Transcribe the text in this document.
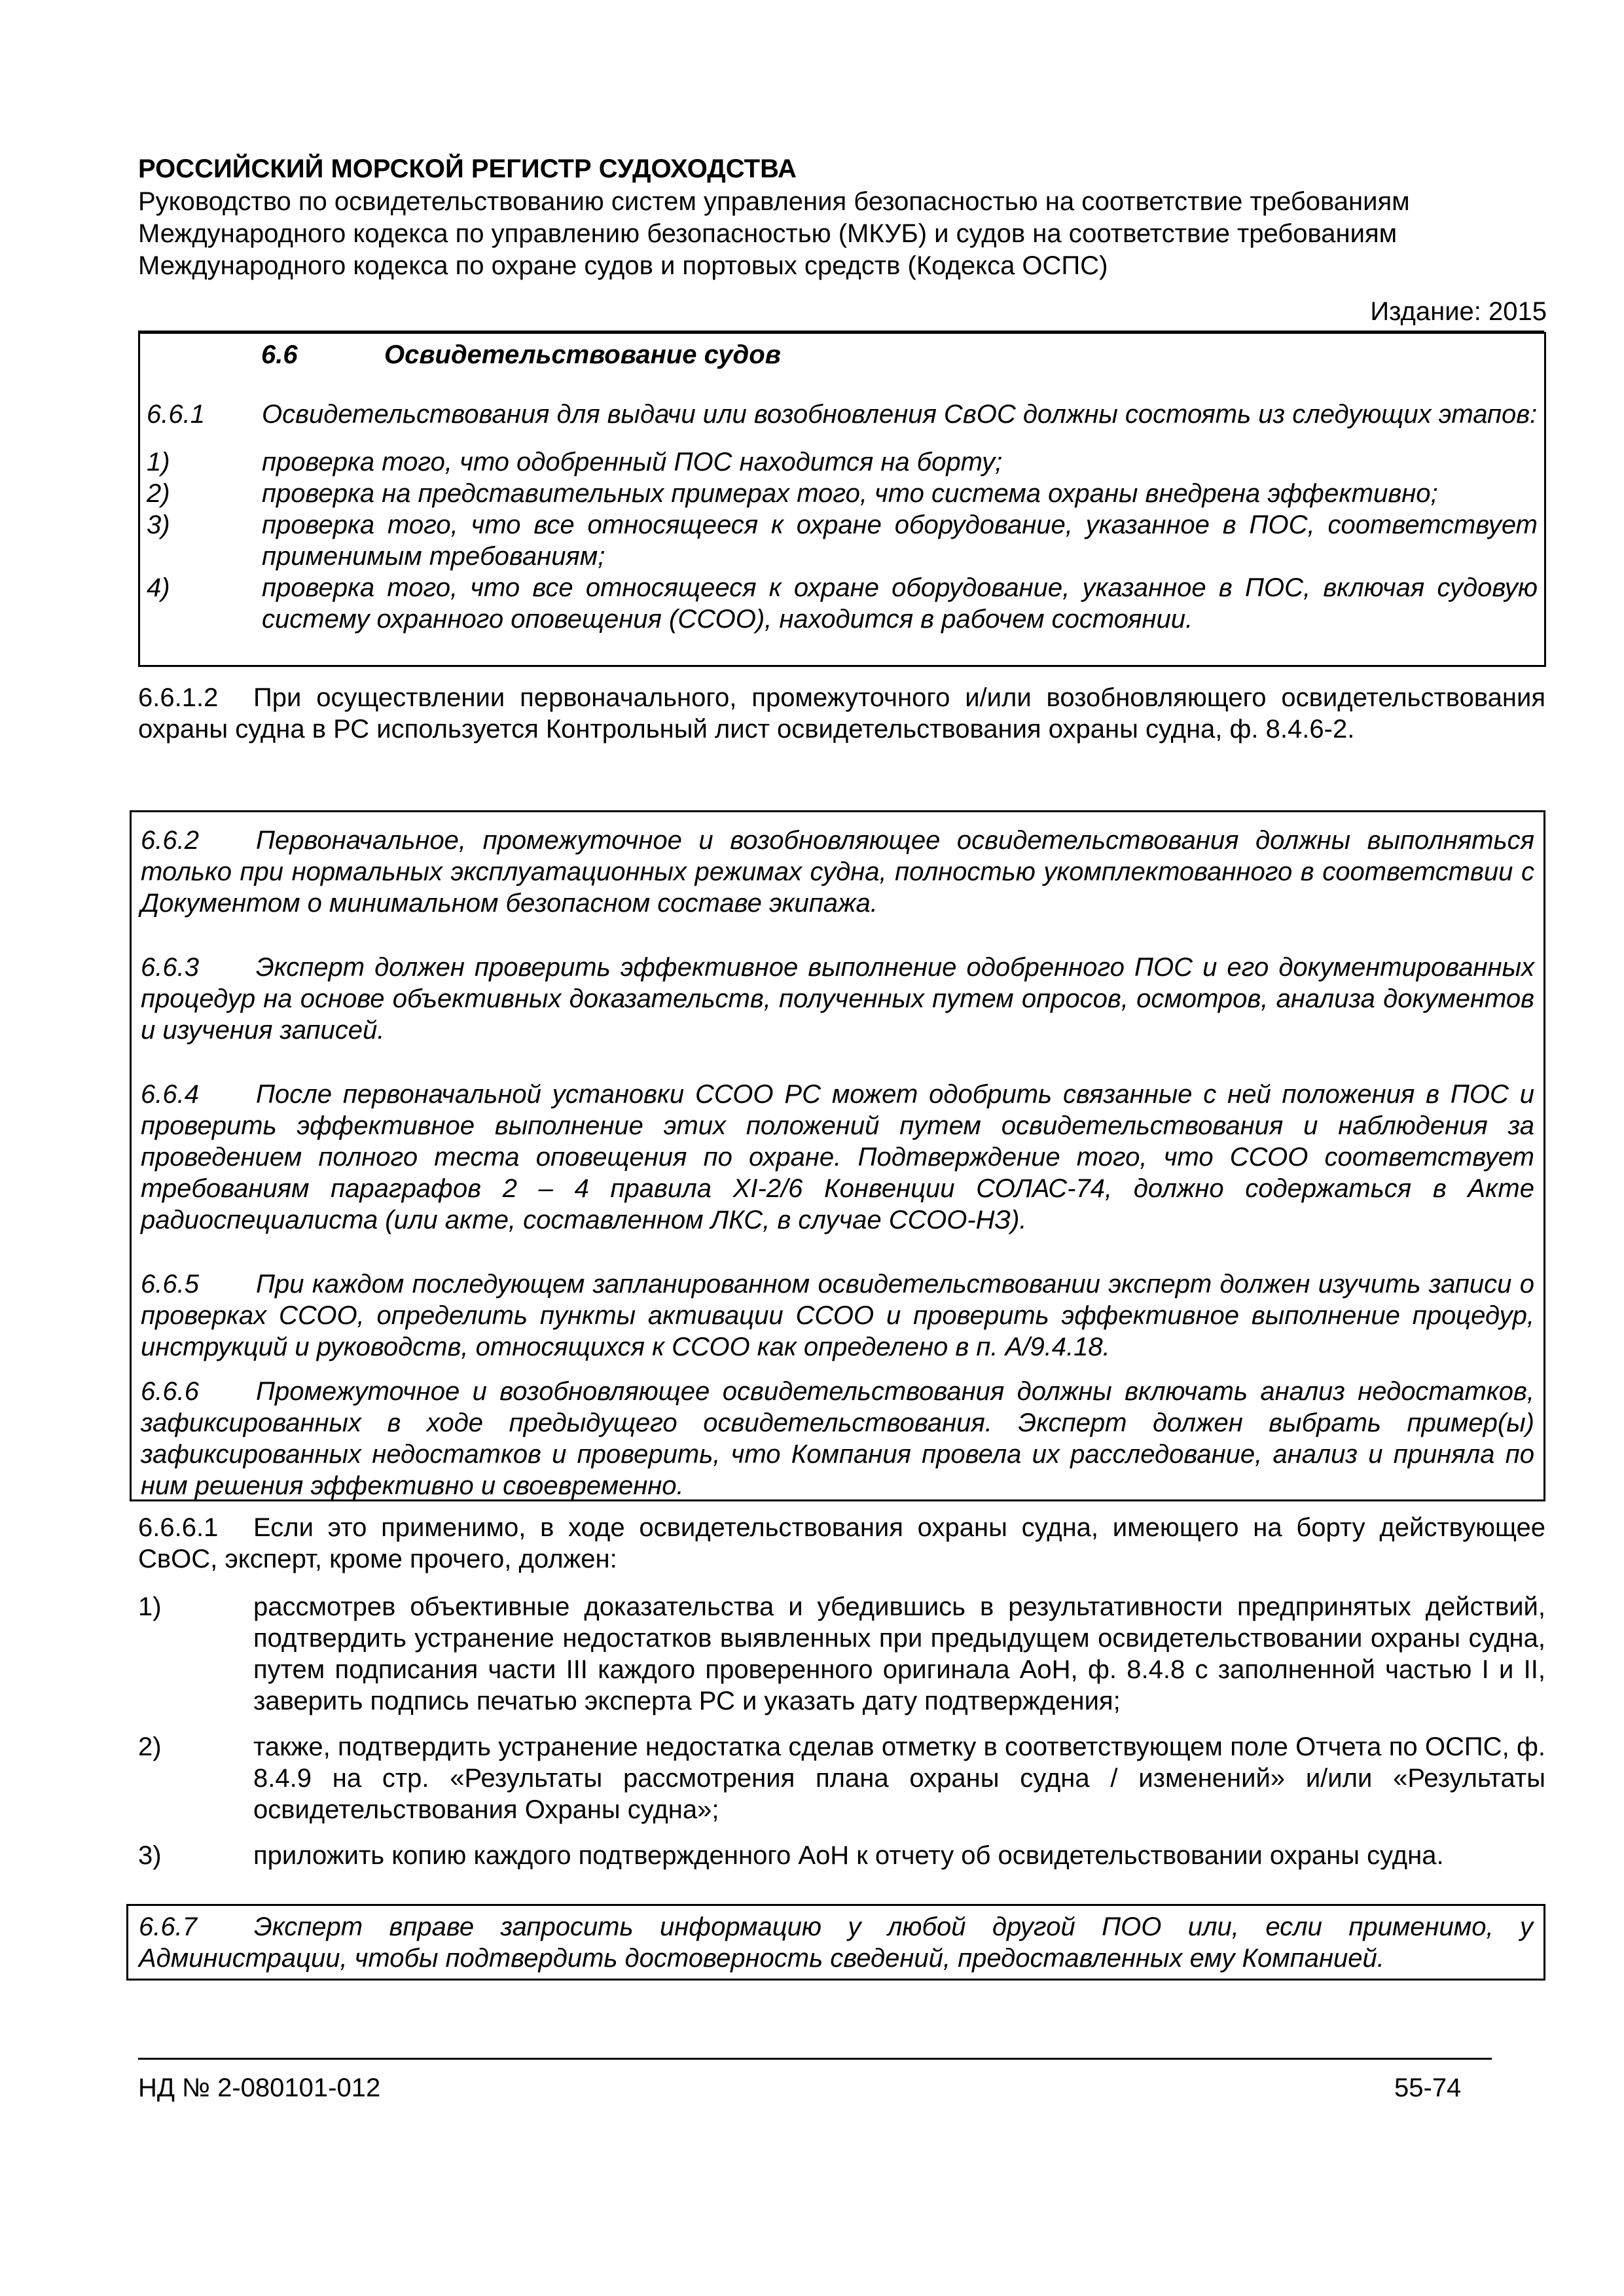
РОССИЙСКИЙ МОРСКОЙ РЕГИСТР СУДОХОДСТВА
Руководство по освидетельствованию систем управления безопасностью на соответствие требованиям
Международного кодекса по управлению безопасностью (МКУБ) и судов на соответствие требованиям
Международного кодекса по охране судов и портовых средств (Кодекса ОСПС)
Издание: 2015
6.6	Освидетельствование судов
6.6.1	Освидетельствования для выдачи или возобновления СвОС должны состоять из следующих этапов:
1)	проверка того, что одобренный ПОС находится на борту;
2)	проверка на представительных примерах того, что система охраны внедрена эффективно;
3)	проверка того, что все относящееся к охране оборудование, указанное в ПОС, соответствует применимым требованиям;
4)	проверка того, что все относящееся к охране оборудование, указанное в ПОС, включая судовую систему охранного оповещения (ССОО), находится в рабочем состоянии.
6.6.1.2	При осуществлении первоначального, промежуточного и/или возобновляющего освидетельствования охраны судна в РС используется Контрольный лист освидетельствования охраны судна, ф. 8.4.6-2.
6.6.2	Первоначальное, промежуточное и возобновляющее освидетельствования должны выполняться только при нормальных эксплуатационных режимах судна, полностью укомплектованного в соответствии с Документом о минимальном безопасном составе экипажа.
6.6.3	Эксперт должен проверить эффективное выполнение одобренного ПОС и его документированных процедур на основе объективных доказательств, полученных путем опросов, осмотров, анализа документов и изучения записей.
6.6.4	После первоначальной установки ССОО РС может одобрить связанные с ней положения в ПОС и проверить эффективное выполнение этих положений путем освидетельствования и наблюдения за проведением полного теста оповещения по охране. Подтверждение того, что ССОО соответствует требованиям параграфов 2 – 4 правила XI-2/6 Конвенции СОЛАС-74, должно содержаться в Акте радиоспециалиста (или акте, составленном ЛКС, в случае ССОО-НЗ).
6.6.5	При каждом последующем запланированном освидетельствовании эксперт должен изучить записи о проверках ССОО, определить пункты активации ССОО и проверить эффективное выполнение процедур, инструкций и руководств, относящихся к ССОО как определено в п. А/9.4.18.
6.6.6	Промежуточное и возобновляющее освидетельствования должны включать анализ недостатков, зафиксированных в ходе предыдущего освидетельствования. Эксперт должен выбрать пример(ы) зафиксированных недостатков и проверить, что Компания провела их расследование, анализ и приняла по ним решения эффективно и своевременно.
6.6.6.1	Если это применимо, в ходе освидетельствования охраны судна, имеющего на борту действующее СвОС, эксперт, кроме прочего, должен:
1)	рассмотрев объективные доказательства и убедившись в результативности предпринятых действий, подтвердить устранение недостатков выявленных при предыдущем освидетельствовании охраны судна, путем подписания части III каждого проверенного оригинала АоН, ф. 8.4.8 с заполненной частью I и II, заверить подпись печатью эксперта РС и указать дату подтверждения;
2)	также, подтвердить устранение недостатка сделав отметку в соответствующем поле Отчета по ОСПС, ф. 8.4.9 на стр. «Результаты рассмотрения плана охраны судна / изменений» и/или «Результаты освидетельствования Охраны судна»;
3)	приложить копию каждого подтвержденного АоН к отчету об освидетельствовании охраны судна.
6.6.7	Эксперт вправе запросить информацию у любой другой ПОО или, если применимо, у Администрации, чтобы подтвердить достоверность сведений, предоставленных ему Компанией.
НД № 2-080101-012	55-74
